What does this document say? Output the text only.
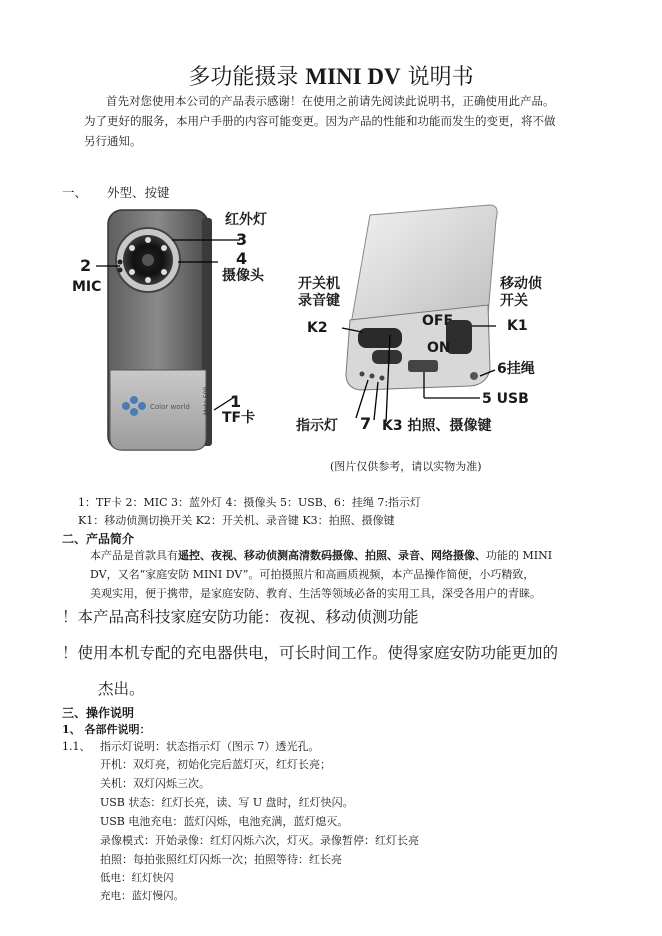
多功能摄录 MINI DV 说明书
首先对您使用本公司的产品表示感谢！在使用之前请先阅读此说明书，正确使用此产品。
为了更好的服务，本用户手册的内容可能变更。因为产品的性能和功能而发生的变更，将不做
另行通知。
一、 外型、按键
Color world Moto 500
红外灯
3
4
摄像头
2
MIC
1
TF卡
开关机
录音键
K2	OFF
ON
移动侦
开关
K1
6挂绳
5 USB
指示灯 7 K3 拍照、摄像键
(图片仅供参考，请以实物为准)
1：TF卡 2：MIC 3：蓝外灯 4：摄像头 5：USB、6：挂绳 7:指示灯
K1：移动侦测切换开关 K2：开关机、录音键 K3：拍照、摄像键
二、产品简介
本产品是首款具有遥控、夜视、移动侦测高清数码摄像、拍照、录音、网络摄像、功能的 MINI
DV，又名“家庭安防 MINI DV”。可拍摄照片和高画质视频，本产品操作简便，小巧精致，
美观实用，便于携带，是家庭安防、教育、生活等领域必备的实用工具，深受各用户的青睐。
！本产品高科技家庭安防功能：夜视、移动侦测功能
！使用本机专配的充电器供电，可长时间工作。使得家庭安防功能更加的
杰出。
三、操作说明
1、 各部件说明：
1.1、 指示灯说明：状态指示灯（图示 7）透光孔。
开机：双灯亮，初始化完后蓝灯灭，红灯长亮；
关机：双灯闪烁三次。
USB 状态：红灯长亮，读、写 U 盘时，红灯快闪。
USB 电池充电：蓝灯闪烁，电池充满，蓝灯熄灭。
录像模式：开始录像：红灯闪烁六次，灯灭。录像暂停：红灯长亮
拍照：每拍张照红灯闪烁一次；拍照等待：红长亮
低电：红灯快闪
充电：蓝灯慢闪。
